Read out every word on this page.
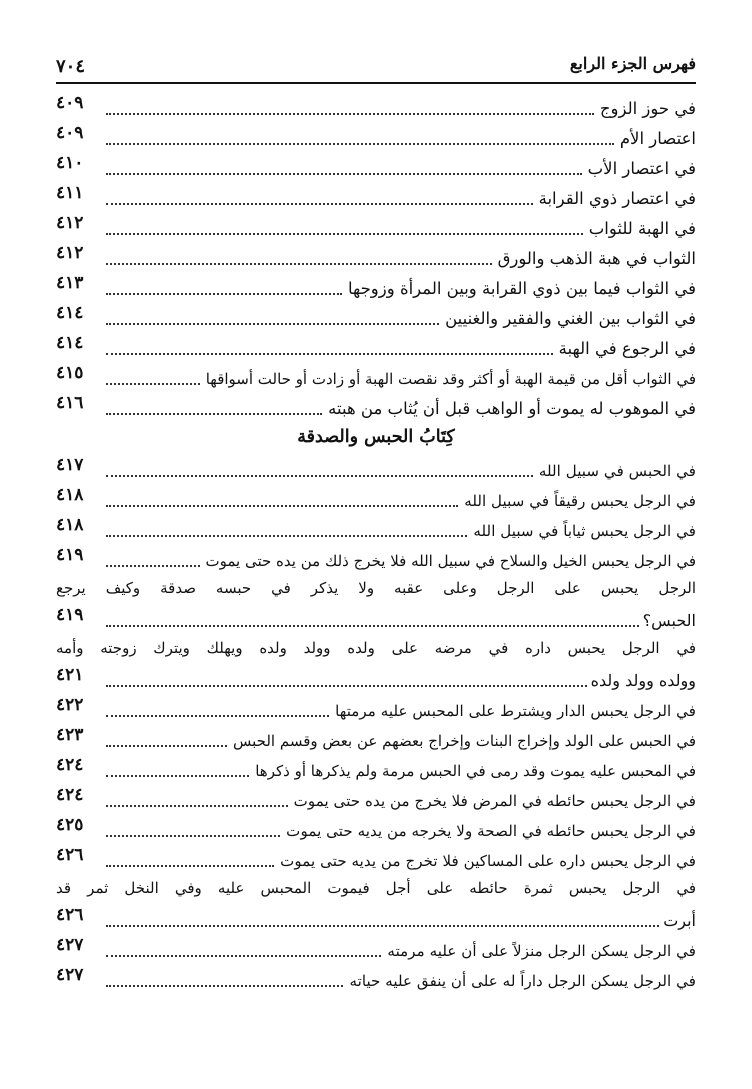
فهرس الجزء الرابع
٧٠٤
في حوز الزوج
٤٠٩
اعتصار الأم
٤٠٩
في اعتصار الأب
٤١٠
في اعتصار ذوي القرابة
٤١١
في الهبة للثواب
٤١٢
الثواب في هبة الذهب والورق
٤١٢
في الثواب فيما بين ذوي القرابة وبين المرأة وزوجها
٤١٣
في الثواب بين الغني والفقير والغنيين
٤١٤
في الرجوع في الهبة
٤١٤
في الثواب أقل من قيمة الهبة أو أكثر وقد نقصت الهبة أو زادت أو حالت أسواقها
٤١٥
في الموهوب له يموت أو الواهب قبل أن يُثاب من هبته
٤١٦
كِتَابُ الحبس والصدقة
في الحبس في سبيل الله
٤١٧
في الرجل يحبس رقيقاً في سبيل الله
٤١٨
في الرجل يحبس ثياباً في سبيل الله
٤١٨
في الرجل يحبس الخيل والسلاح في سبيل الله فلا يخرج ذلك من يده حتى يموت
٤١٩
الرجل يحبس على الرجل وعلى عقبه ولا يذكر في حبسه صدقة وكيف يرجع
الحبس؟
٤١٩
في الرجل يحبس داره في مرضه على ولده وولد ولده ويهلك ويترك زوجته وأمه
وولده وولد ولده
٤٢١
في الرجل يحبس الدار ويشترط على المحبس عليه مرمتها
٤٢٢
في الحبس على الولد وإخراج البنات وإخراج بعضهم عن بعض وقسم الحبس
٤٢٣
في المحبس عليه يموت وقد رمى في الحبس مرمة ولم يذكرها أو ذكرها
٤٢٤
في الرجل يحبس حائطه في المرض فلا يخرج من يده حتى يموت
٤٢٤
في الرجل يحبس حائطه في الصحة ولا يخرجه من يديه حتى يموت
٤٢٥
في الرجل يحبس داره على المساكين فلا تخرج من يديه حتى يموت
٤٢٦
في الرجل يحبس ثمرة حائطه على أجل فيموت المحبس عليه وفي النخل ثمر قد
أبرت
٤٢٦
في الرجل يسكن الرجل منزلاً على أن عليه مرمته
٤٢٧
في الرجل يسكن الرجل داراً له على أن ينفق عليه حياته
٤٢٧
